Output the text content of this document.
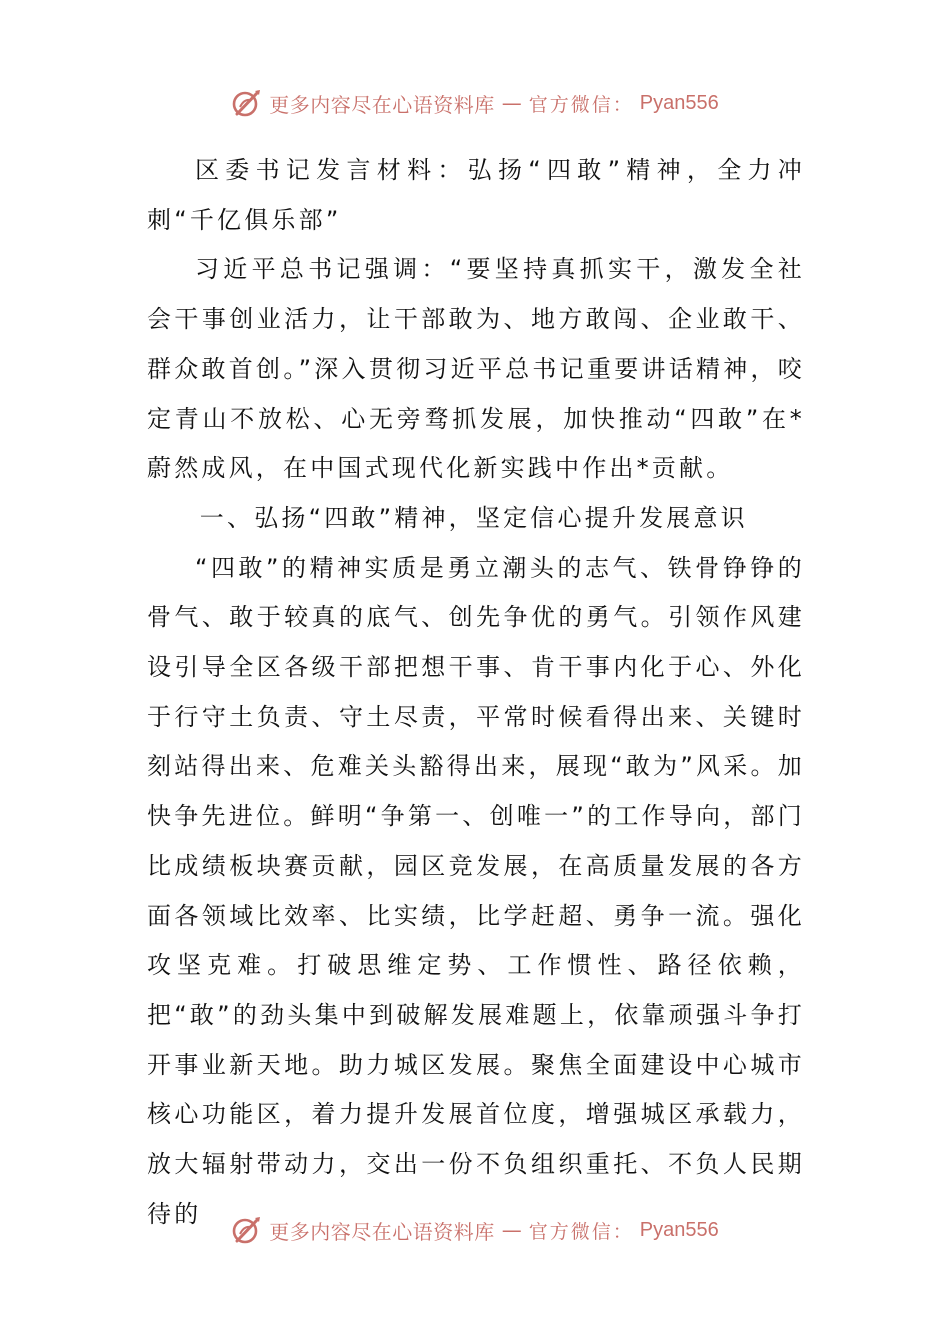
更多内容尽在心语资料库 — 官方微信： Pyan556

区委书记发言材料：弘扬“四敢”精神，全力冲刺“千亿俱乐部”

习近平总书记强调：“要坚持真抓实干，激发全社会干事创业活力，让干部敢为、地方敢闯、企业敢干、群众敢首创。”深入贯彻习近平总书记重要讲话精神，咬定青山不放松、心无旁骛抓发展，加快推动“四敢”在*蔚然成风，在中国式现代化新实践中作出*贡献。

一、弘扬“四敢”精神，坚定信心提升发展意识

“四敢”的精神实质是勇立潮头的志气、铁骨铮铮的骨气、敢于较真的底气、创先争优的勇气。引领作风建设引导全区各级干部把想干事、肯干事内化于心、外化于行守土负责、守土尽责，平常时候看得出来、关键时刻站得出来、危难关头豁得出来，展现“敢为”风采。加快争先进位。鲜明“争第一、创唯一”的工作导向，部门比成绩板块赛贡献，园区竞发展，在高质量发展的各方面各领域比效率、比实绩，比学赶超、勇争一流。强化攻坚克难。打破思维定势、工作惯性、路径依赖，把“敢”的劲头集中到破解发展难题上，依靠顽强斗争打开事业新天地。助力城区发展。聚焦全面建设中心城市核心功能区，着力提升发展首位度，增强城区承载力，放大辐射带动力，交出一份不负组织重托、不负人民期待的

更多内容尽在心语资料库 — 官方微信： Pyan556
